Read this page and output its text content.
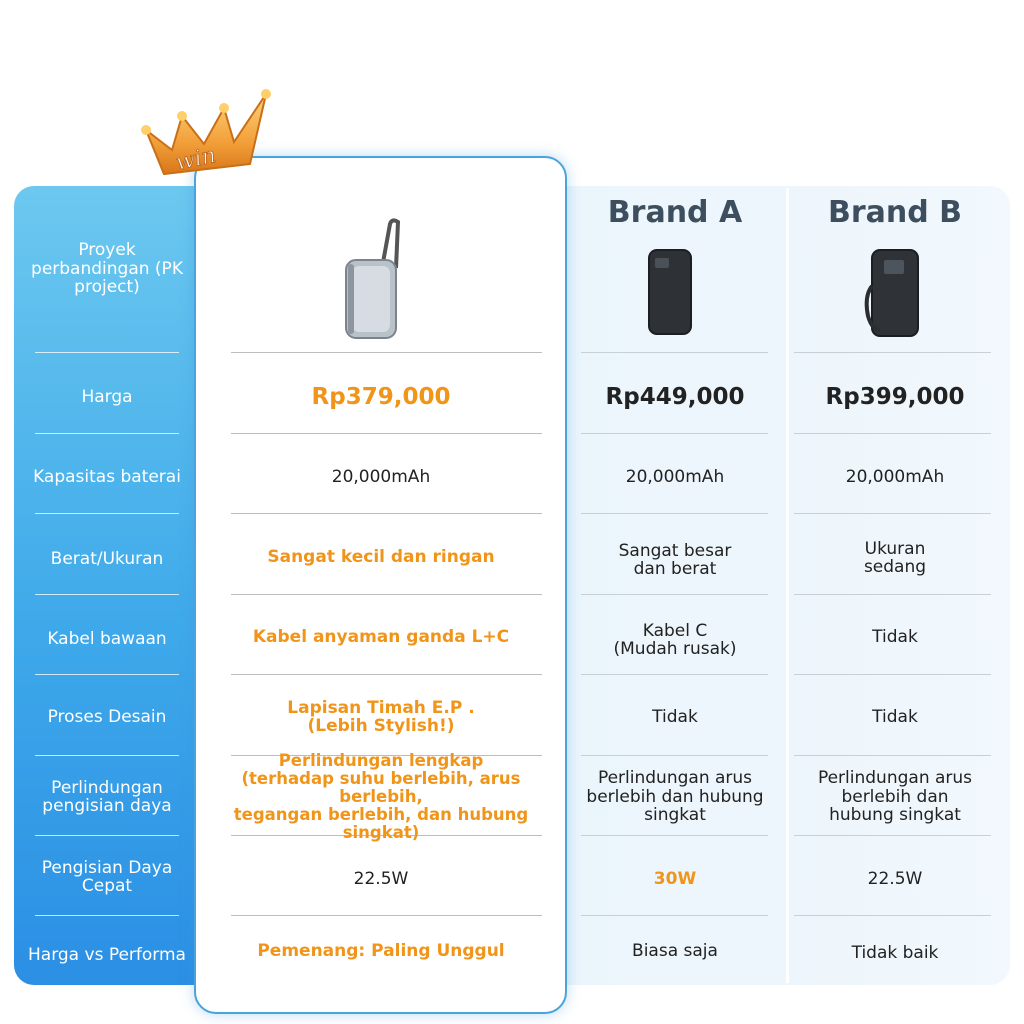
win
Brand A	Brand B
Proyek perbandingan (PK project)
Harga
Kapasitas baterai
Berat/Ukuran
Kabel bawaan
Proses Desain
Perlindungan pengisian daya
Pengisian Daya Cepat
Harga vs Performa
Rp379,000
20,000mAh
Sangat kecil dan ringan
Kabel anyaman ganda L+C
Lapisan Timah E.P .
(Lebih Stylish!)
Perlindungan lengkap
(terhadap suhu berlebih, arus berlebih,
tegangan berlebih, dan hubung singkat)
22.5W
Pemenang: Paling Unggul
Rp449,000
20,000mAh
Sangat besar dan berat
Kabel C
(Mudah rusak)
Tidak
Perlindungan arus berlebih dan hubung singkat
30W
Biasa saja
Rp399,000
20,000mAh
Ukuran sedang
Tidak
Tidak
Perlindungan arus berlebih dan hubung singkat
22.5W
Tidak baik
